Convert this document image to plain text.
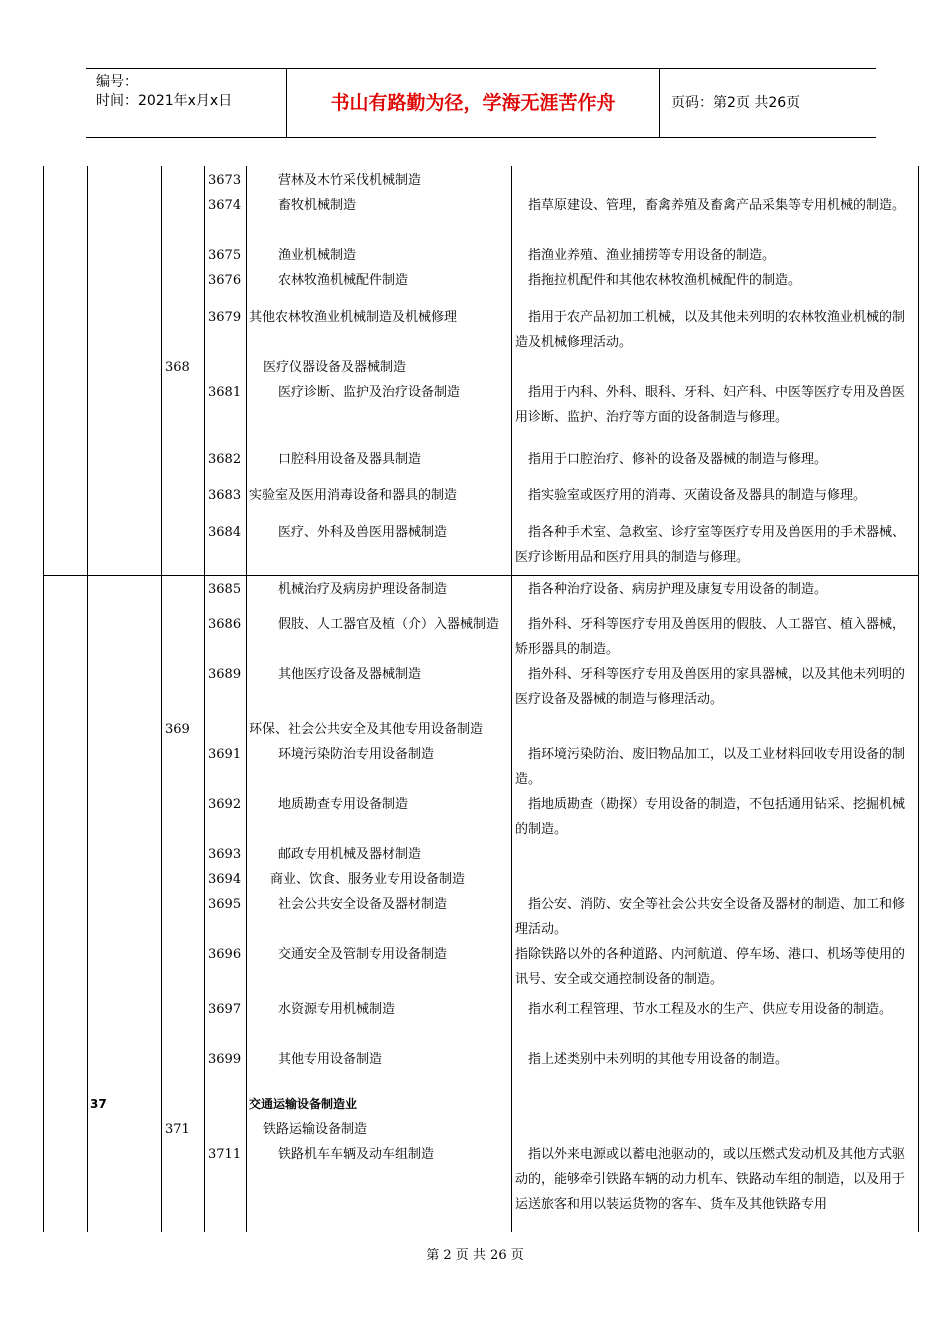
编号：
时间：2021年x月x日	书山有路勤为径，学海无涯苦作舟	页码：第2页 共26页
3673	营林及木竹采伐机械制造
3674	畜牧机械制造	指草原建设、管理，畜禽养殖及畜禽产品采集等专用机械的制造。
3675	渔业机械制造	指渔业养殖、渔业捕捞等专用设备的制造。
3676	农林牧渔机械配件制造	指拖拉机配件和其他农林牧渔机械配件的制造。
3679 其他农林牧渔业机械制造及机械修理	指用于农产品初加工机械，以及其他未列明的农林牧渔业机械的制造及机械修理活动。
368	医疗仪器设备及器械制造
3681	医疗诊断、监护及治疗设备制造	指用于内科、外科、眼科、牙科、妇产科、中医等医疗专用及兽医用诊断、监护、治疗等方面的设备制造与修理。
3682	口腔科用设备及器具制造	指用于口腔治疗、修补的设备及器械的制造与修理。
3683 实验室及医用消毒设备和器具的制造	指实验室或医疗用的消毒、灭菌设备及器具的制造与修理。
3684	医疗、外科及兽医用器械制造	指各种手术室、急救室、诊疗室等医疗专用及兽医用的手术器械、医疗诊断用品和医疗用具的制造与修理。
3685	机械治疗及病房护理设备制造	指各种治疗设备、病房护理及康复专用设备的制造。
3686	假肢、人工器官及植（介）入器械制造	指外科、牙科等医疗专用及兽医用的假肢、人工器官、植入器械，矫形器具的制造。
3689	其他医疗设备及器械制造	指外科、牙科等医疗专用及兽医用的家具器械，以及其他未列明的医疗设备及器械的制造与修理活动。
369	环保、社会公共安全及其他专用设备制造
3691	环境污染防治专用设备制造	指环境污染防治、废旧物品加工，以及工业材料回收专用设备的制造。
3692	地质勘查专用设备制造	指地质勘查（勘探）专用设备的制造，不包括通用钻采、挖掘机械的制造。
3693	邮政专用机械及器材制造
3694	商业、饮食、服务业专用设备制造
3695	社会公共安全设备及器材制造	指公安、消防、安全等社会公共安全设备及器材的制造、加工和修理活动。
3696	交通安全及管制专用设备制造	指除铁路以外的各种道路、内河航道、停车场、港口、机场等使用的讯号、安全或交通控制设备的制造。
3697	水资源专用机械制造	指水利工程管理、节水工程及水的生产、供应专用设备的制造。
3699	其他专用设备制造	指上述类别中未列明的其他专用设备的制造。
37	交通运输设备制造业
371	铁路运输设备制造
3711	铁路机车车辆及动车组制造	指以外来电源或以蓄电池驱动的，或以压燃式发动机及其他方式驱动的，能够牵引铁路车辆的动力机车、铁路动车组的制造，以及用于运送旅客和用以装运货物的客车、货车及其他铁路专用
第 2 页 共 26 页
